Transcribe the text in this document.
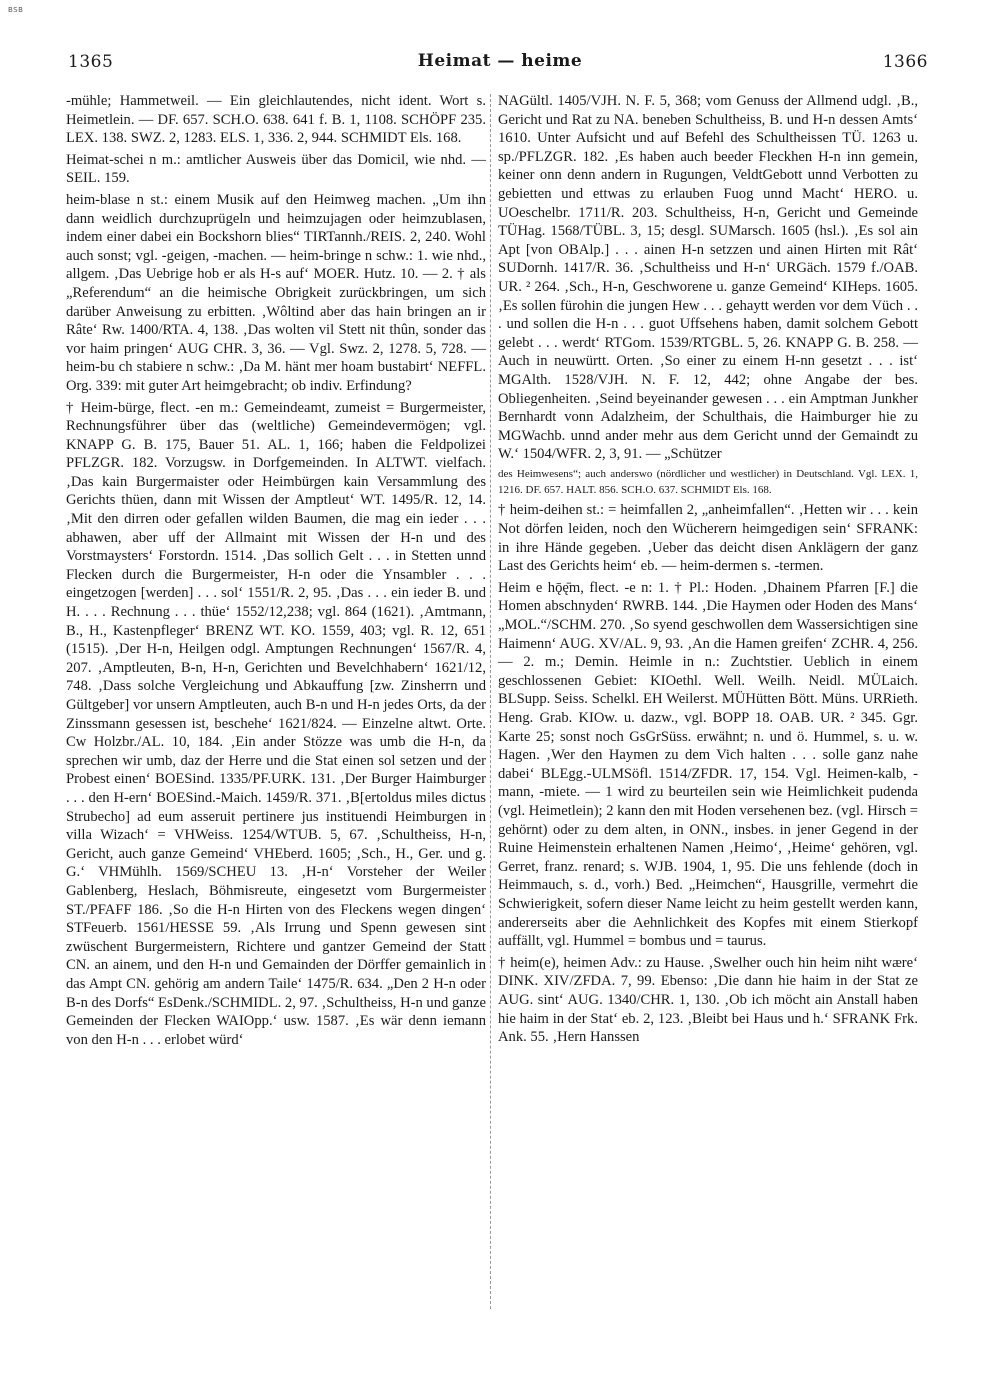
BSB
1365	Heimat — heime	1366

-mühle; Hammetweil. — Ein gleichlautendes, nicht ident. Wort s. Heimetlein. — DF. 657. SCH.O. 638. 641 f. B. 1, 1108. SCHÖPF 235. LEX. 138. SWZ. 2, 1283. ELS. 1, 336. 2, 944. SCHMIDT Els. 168.

Heimat-schei n m.: amtlicher Ausweis über das Domicil, wie nhd. — SEIL. 159.

heim-blase n st.: einem Musik auf den Heimweg machen. „Um ihn dann weidlich durchzuprügeln und heimzujagen oder heimzublasen, indem einer dabei ein Bockshorn blies“ TIRTannh./REIS. 2, 240. Wohl auch sonst; vgl. -geigen, -machen. — heim-bringe n schw.: 1. wie nhd., allgem. ‚Das Uebrige hob er als H-s auf‘ MOER. Hutz. 10. — 2. † als „Referendum“ an die heimische Obrigkeit zurückbringen, um sich darüber Anweisung zu erbitten. ‚Wôltind aber das hain bringen an ir Râte‘ Rw. 1400/RTA. 4, 138. ‚Das wolten vil Stett nit thûn, sonder das vor haim pringen‘ AUG CHR. 3, 36. — Vgl. Swz. 2, 1278. 5, 728. — heim-bu ch stabiere n schw.: ‚Da M. hänt mer hoam bustabirt‘ NEFFL. Org. 339: mit guter Art heimgebracht; ob indiv. Erfindung?

† Heim-bürge, flect. -en m.: Gemeindeamt, zumeist = Burgermeister, Rechnungsführer über das (weltliche) Gemeindevermögen; vgl. KNAPP G. B. 175, Bauer 51. AL. 1, 166; haben die Feldpolizei PFLZGR. 182. Vorzugsw. in Dorfgemeinden. In ALTWT. vielfach. ‚Das kain Burgermaister oder Heimbürgen kain Versammlung des Gerichts thüen, dann mit Wissen der Amptleut‘ WT. 1495/R. 12, 14. ‚Mit den dirren oder gefallen wilden Baumen, die mag ein ieder . . . abhawen, aber uff der Allmaint mit Wissen der H-n und des Vorstmaysters‘ Forstordn. 1514. ‚Das sollich Gelt . . . in Stetten unnd Flecken durch die Burgermeister, H-n oder die Ynsambler . . . eingetzogen [werden] . . . sol‘ 1551/R. 2, 95. ‚Das . . . ein ieder B. und H. . . . Rechnung . . . thüe‘ 1552/12,238; vgl. 864 (1621). ‚Amtmann, B., H., Kastenpfleger‘ BRENZ WT. KO. 1559, 403; vgl. R. 12, 651 (1515). ‚Der H-n, Heilgen odgl. Amptungen Rechnungen‘ 1567/R. 4, 207. ‚Amptleuten, B-n, H-n, Gerichten und Bevelchhabern‘ 1621/12, 748. ‚Dass solche Vergleichung und Abkauffung [zw. Zinsherrn und Gültgeber] vor unsern Amptleuten, auch B-n und H-n jedes Orts, da der Zinssmann gesessen ist, beschehe‘ 1621/824. — Einzelne altwt. Orte. Cw Holzbr./AL. 10, 184. ‚Ein ander Stözze was umb die H-n, da sprechen wir umb, daz der Herre und die Stat einen sol setzen und der Probest einen‘ BOESind. 1335/PF.URK. 131. ‚Der Burger Haimburger . . . den H-ern‘ BOESind.-Maich. 1459/R. 371. ‚B[ertoldus miles dictus Strubecho] ad eum asseruit pertinere jus instituendi Heimburgen in villa Wizach‘ = VHWeiss. 1254/WTUB. 5, 67. ‚Schultheiss, H-n, Gericht, auch ganze Gemeind‘ VHEberd. 1605; ‚Sch., H., Ger. und g. G.‘ VHMühlh. 1569/SCHEU 13. ‚H-n‘ Vorsteher der Weiler Gablenberg, Heslach, Böhmisreute, eingesetzt vom Burgermeister ST./PFAFF 186. ‚So die H-n Hirten von des Fleckens wegen dingen‘ STFeuerb. 1561/HESSE 59. ‚Als Irrung und Spenn gewesen sint zwüschent Burgermeistern, Richtere und gantzer Gemeind der Statt CN. an ainem, und den H-n und Gemainden der Dörffer gemainlich in das Ampt CN. gehörig am andern Taile‘ 1475/R. 634. „Den 2 H-n oder B-n des Dorfs“ EsDenk./SCHMIDL. 2, 97. ‚Schultheiss, H-n und ganze Gemeinden der Flecken WAIOpp.‘ usw. 1587. ‚Es wär denn iemann von den H-n . . . erlobet würd‘

NAGültl. 1405/VJH. N. F. 5, 368; vom Genuss der Allmend udgl. ‚B., Gericht und Rat zu NA. beneben Schultheiss, B. und H-n dessen Amts‘ 1610. Unter Aufsicht und auf Befehl des Schultheissen TÜ. 1263 u. sp./PFLZGR. 182. ‚Es haben auch beeder Fleckhen H-n inn gemein, keiner onn denn andern in Rugungen, VeldtGebott unnd Verbotten zu gebietten und ettwas zu erlauben Fuog unnd Macht‘ HERO. u. UOeschelbr. 1711/R. 203. Schultheiss, H-n, Gericht und Gemeinde TÜHag. 1568/TÜBL. 3, 15; desgl. SUMarsch. 1605 (hsl.). ‚Es sol ain Apt [von OBAlp.] . . . ainen H-n setzzen und ainen Hirten mit Rât‘ SUDornh. 1417/R. 36. ‚Schultheiss und H-n‘ URGäch. 1579 f./OAB. UR. ² 264. ‚Sch., H-n, Geschworene u. ganze Gemeind‘ KIHeps. 1605. ‚Es sollen fürohin die jungen Hew . . . gehaytt werden vor dem Vüch . . . und sollen die H-n . . . guot Uffsehens haben, damit solchem Gebott gelebt . . . werdt‘ RTGom. 1539/RTGBL. 5, 26. KNAPP G. B. 258. — Auch in neuwürtt. Orten. ‚So einer zu einem H-nn gesetzt . . . ist‘ MGAlth. 1528/VJH. N. F. 12, 442; ohne Angabe der bes. Obliegenheiten. ‚Seind beyeinander gewesen . . . ein Amptman Junkher Bernhardt vonn Adalzheim, der Schulthais, die Haimburger hie zu MGWachb. unnd ander mehr aus dem Gericht unnd der Gemaindt zu W.‘ 1504/WFR. 2, 3, 91. — „Schützer

des Heimwesens“; auch anderswo (nördlicher und westlicher) in Deutschland. Vgl. LEX. 1, 1216. DF. 657. HALT. 856. SCH.O. 637. SCHMIDT Els. 168.

† heim-deihen st.: = heimfallen 2, „anheimfallen“. ‚Hetten wir . . . kein Not dörfen leiden, noch den Wücherern heimgedigen sein‘ SFRANK: in ihre Hände gegeben. ‚Ueber das deicht disen Anklägern der ganz Last des Gerichts heim‘ eb. — heim-dermen s. -termen.

Heim e hǭę̄m, flect. -e n: 1. † Pl.: Hoden. ‚Dhainem Pfarren [F.] die Homen abschnyden‘ RWRB. 144. ‚Die Haymen oder Hoden des Mans‘ „MOL.“/SCHM. 270. ‚So syend geschwollen dem Wassersichtigen sine Haimenn‘ AUG. XV/AL. 9, 93. ‚An die Hamen greifen‘ ZCHR. 4, 256. — 2. m.; Demin. Heimle in n.: Zuchtstier. Ueblich in einem geschlossenen Gebiet: KIOethl. Well. Weilh. Neidl. MÜLaich. BLSupp. Seiss. Schelkl. EH Weilerst. MÜHütten Bött. Müns. URRieth. Heng. Grab. KIOw. u. dazw., vgl. BOPP 18. OAB. UR. ² 345. Ggr. Karte 25; sonst noch GsGrSüss. erwähnt; n. und ö. Hummel, s. u. w. Hagen. ‚Wer den Haymen zu dem Vich halten . . . solle ganz nahe dabei‘ BLEgg.-ULMSöfl. 1514/ZFDR. 17, 154. Vgl. Heimen-kalb, -mann, -miete. — 1 wird zu beurteilen sein wie Heimlichkeit pudenda (vgl. Heimetlein); 2 kann den mit Hoden versehenen bez. (vgl. Hirsch = gehörnt) oder zu dem alten, in ONN., insbes. in jener Gegend in der Ruine Heimenstein erhaltenen Namen ‚Heimo‘, ‚Heime‘ gehören, vgl. Gerret, franz. renard; s. WJB. 1904, 1, 95. Die uns fehlende (doch in Heimmauch, s. d., vorh.) Bed. „Heimchen“, Hausgrille, vermehrt die Schwierigkeit, sofern dieser Name leicht zu heim gestellt werden kann, andererseits aber die Aehnlichkeit des Kopfes mit einem Stierkopf auffällt, vgl. Hummel = bombus und = taurus.

† heim(e), heimen Adv.: zu Hause. ‚Swelher ouch hin heim niht wære‘ DINK. XIV/ZFDA. 7, 99. Ebenso: ‚Die dann hie haim in der Stat ze AUG. sint‘ AUG. 1340/CHR. 1, 130. ‚Ob ich möcht ain Anstall haben hie haim in der Stat‘ eb. 2, 123. ‚Bleibt bei Haus und h.‘ SFRANK Frk. Ank. 55. ‚Hern Hanssen
